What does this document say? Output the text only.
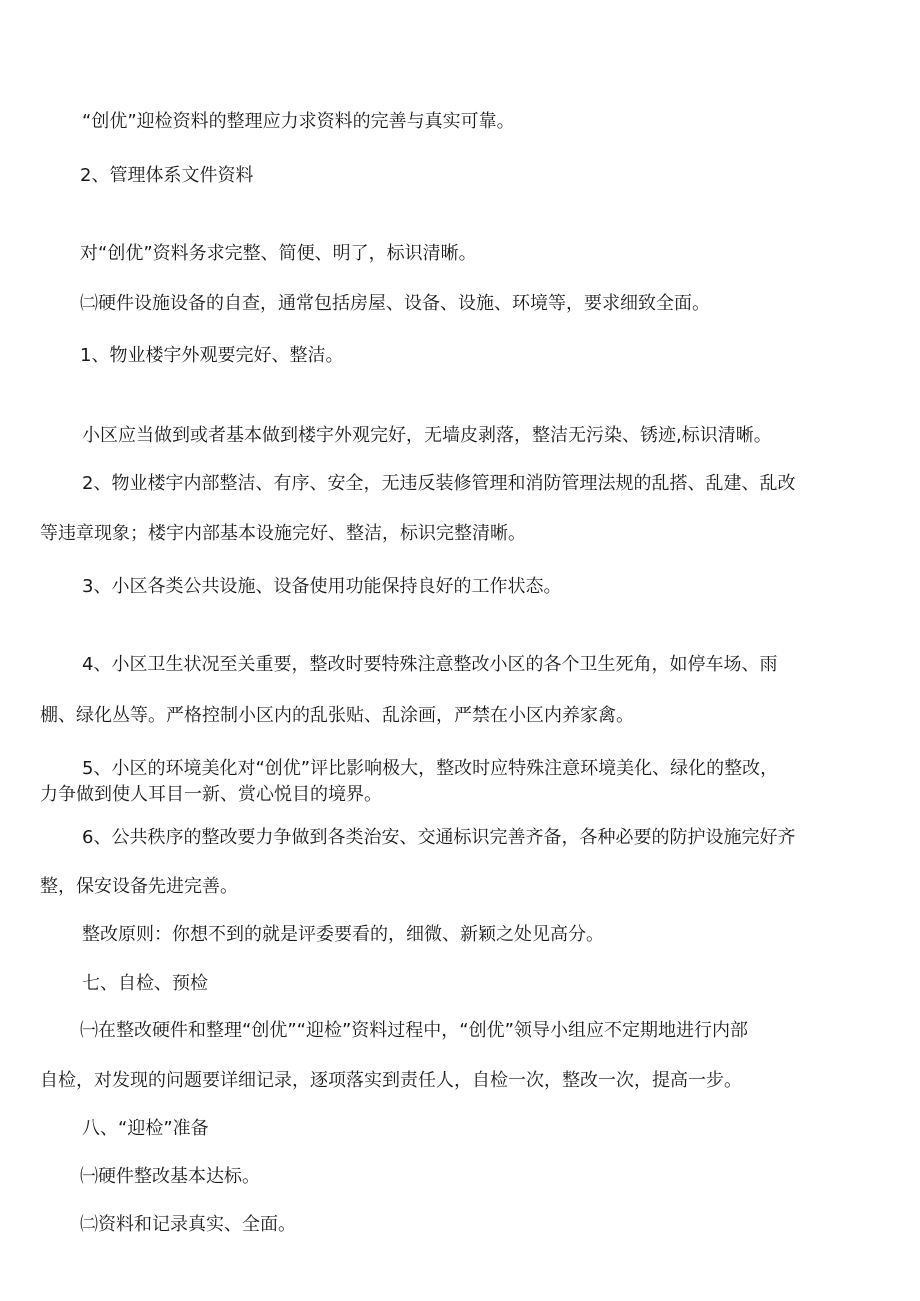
“创优”迎检资料的整理应力求资料的完善与真实可靠。

2、管理体系文件资料

对“创优”资料务求完整、简便、明了，标识清晰。

㈡硬件设施设备的自查，通常包括房屋、设备、设施、环境等，要求细致全面。

1、物业楼宇外观要完好、整洁。

小区应当做到或者基本做到楼宇外观完好，无墙皮剥落，整洁无污染、锈迹,标识清晰。

2、物业楼宇内部整洁、有序、安全，无违反装修管理和消防管理法规的乱搭、乱建、乱改

等违章现象；楼宇内部基本设施完好、整洁，标识完整清晰。

3、小区各类公共设施、设备使用功能保持良好的工作状态。

4、小区卫生状况至关重要，整改时要特殊注意整改小区的各个卫生死角，如停车场、雨

棚、绿化丛等。严格控制小区内的乱张贴、乱涂画，严禁在小区内养家禽。

5、小区的环境美化对“创优”评比影响极大，整改时应特殊注意环境美化、绿化的整改，

力争做到使人耳目一新、赏心悦目的境界。

6、公共秩序的整改要力争做到各类治安、交通标识完善齐备，各种必要的防护设施完好齐

整，保安设备先进完善。

整改原则：你想不到的就是评委要看的，细微、新颖之处见高分。

七、自检、预检

㈠在整改硬件和整理“创优”“迎检”资料过程中，“创优”领导小组应不定期地进行内部

自检，对发现的问题要详细记录，逐项落实到责任人，自检一次，整改一次，提高一步。

八、“迎检”准备

㈠硬件整改基本达标。

㈡资料和记录真实、全面。
